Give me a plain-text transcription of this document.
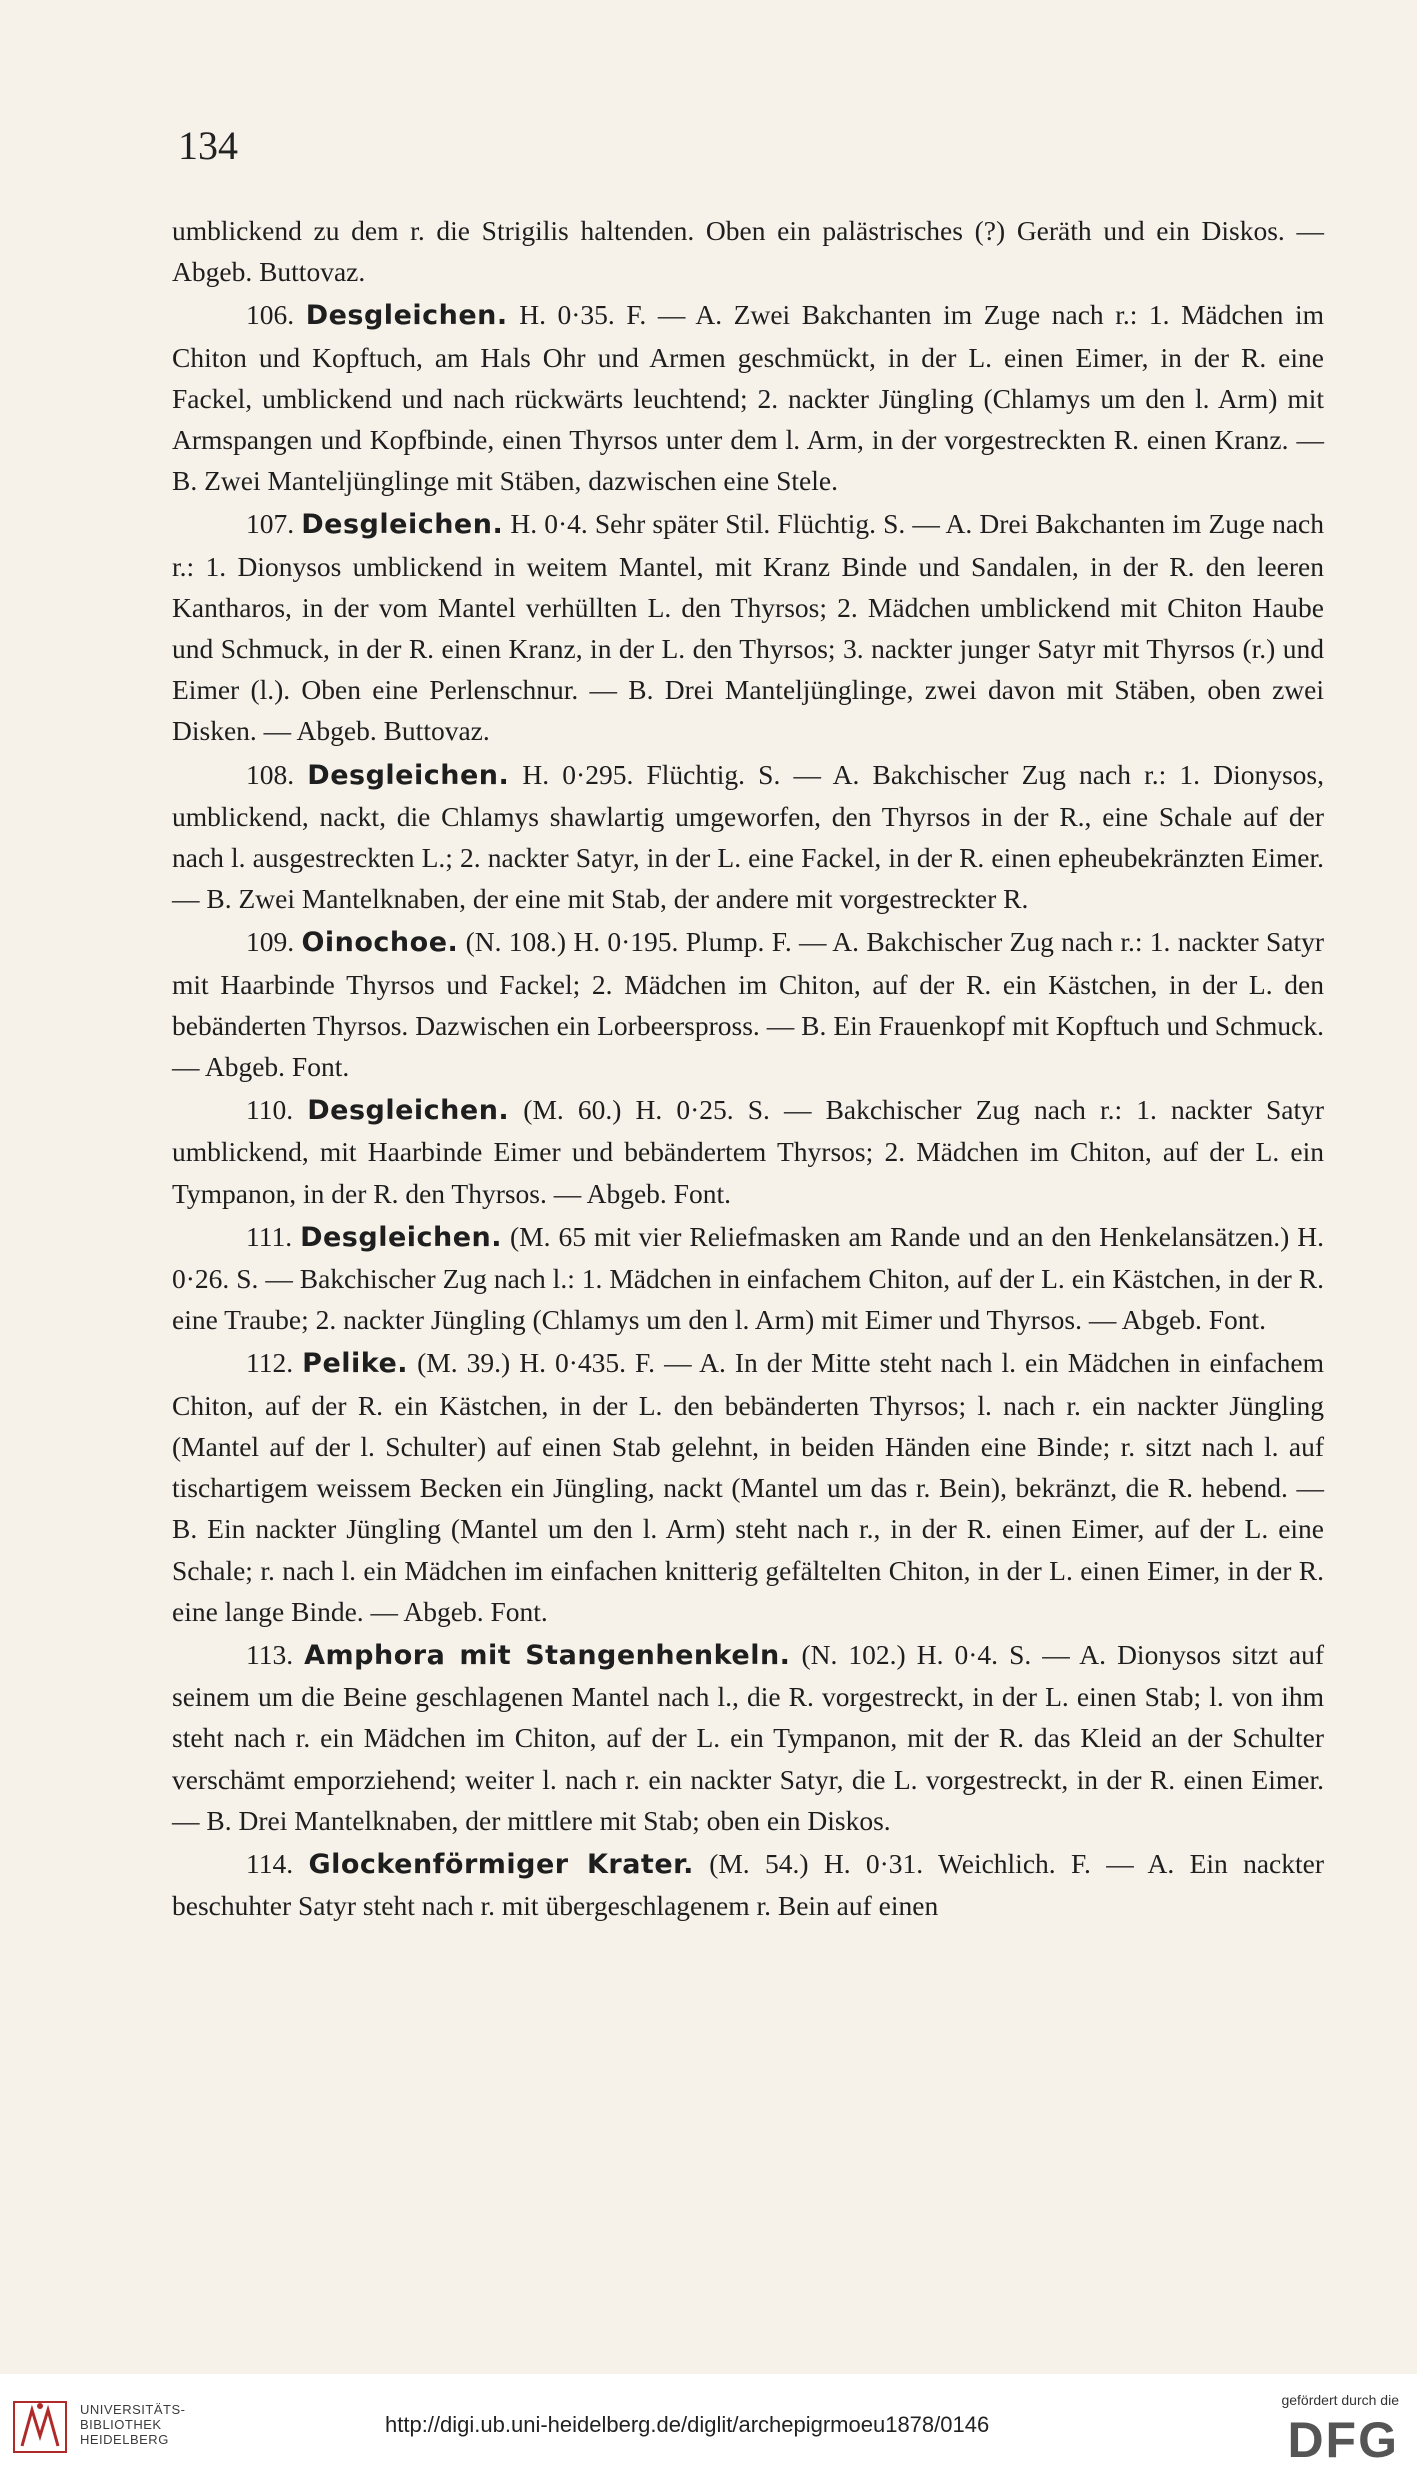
134

umblickend zu dem r. die Strigilis haltenden. Oben ein palästrisches (?) Geräth und ein Diskos. — Abgeb. Buttovaz.

106. Desgleichen. H. 0·35. F. — A. Zwei Bakchanten im Zuge nach r.: 1. Mädchen im Chiton und Kopftuch, am Hals Ohr und Armen geschmückt, in der L. einen Eimer, in der R. eine Fackel, umblickend und nach rückwärts leuchtend; 2. nackter Jüngling (Chlamys um den l. Arm) mit Armspangen und Kopfbinde, einen Thyrsos unter dem l. Arm, in der vorgestreckten R. einen Kranz. — B. Zwei Manteljünglinge mit Stäben, dazwischen eine Stele.

107. Desgleichen. H. 0·4. Sehr später Stil. Flüchtig. S. — A. Drei Bakchanten im Zuge nach r.: 1. Dionysos umblickend in weitem Mantel, mit Kranz Binde und Sandalen, in der R. den leeren Kantharos, in der vom Mantel verhüllten L. den Thyrsos; 2. Mädchen umblickend mit Chiton Haube und Schmuck, in der R. einen Kranz, in der L. den Thyrsos; 3. nackter junger Satyr mit Thyrsos (r.) und Eimer (l.). Oben eine Perlenschnur. — B. Drei Manteljünglinge, zwei davon mit Stäben, oben zwei Disken. — Abgeb. Buttovaz.

108. Desgleichen. H. 0·295. Flüchtig. S. — A. Bakchischer Zug nach r.: 1. Dionysos, umblickend, nackt, die Chlamys shawlartig umgeworfen, den Thyrsos in der R., eine Schale auf der nach l. ausgestreckten L.; 2. nackter Satyr, in der L. eine Fackel, in der R. einen epheubekränzten Eimer. — B. Zwei Mantelknaben, der eine mit Stab, der andere mit vorgestreckter R.

109. Oinochoe. (N. 108.) H. 0·195. Plump. F. — A. Bakchischer Zug nach r.: 1. nackter Satyr mit Haarbinde Thyrsos und Fackel; 2. Mädchen im Chiton, auf der R. ein Kästchen, in der L. den bebänderten Thyrsos. Dazwischen ein Lorbeerspross. — B. Ein Frauenkopf mit Kopftuch und Schmuck. — Abgeb. Font.

110. Desgleichen. (M. 60.) H. 0·25. S. — Bakchischer Zug nach r.: 1. nackter Satyr umblickend, mit Haarbinde Eimer und bebändertem Thyrsos; 2. Mädchen im Chiton, auf der L. ein Tympanon, in der R. den Thyrsos. — Abgeb. Font.

111. Desgleichen. (M. 65 mit vier Reliefmasken am Rande und an den Henkelansätzen.) H. 0·26. S. — Bakchischer Zug nach l.: 1. Mädchen in einfachem Chiton, auf der L. ein Kästchen, in der R. eine Traube; 2. nackter Jüngling (Chlamys um den l. Arm) mit Eimer und Thyrsos. — Abgeb. Font.

112. Pelike. (M. 39.) H. 0·435. F. — A. In der Mitte steht nach l. ein Mädchen in einfachem Chiton, auf der R. ein Kästchen, in der L. den bebänderten Thyrsos; l. nach r. ein nackter Jüngling (Mantel auf der l. Schulter) auf einen Stab gelehnt, in beiden Händen eine Binde; r. sitzt nach l. auf tischartigem weissem Becken ein Jüngling, nackt (Mantel um das r. Bein), bekränzt, die R. hebend. — B. Ein nackter Jüngling (Mantel um den l. Arm) steht nach r., in der R. einen Eimer, auf der L. eine Schale; r. nach l. ein Mädchen im einfachen knitterig gefältelten Chiton, in der L. einen Eimer, in der R. eine lange Binde. — Abgeb. Font.

113. Amphora mit Stangenhenkeln. (N. 102.) H. 0·4. S. — A. Dionysos sitzt auf seinem um die Beine geschlagenen Mantel nach l., die R. vorgestreckt, in der L. einen Stab; l. von ihm steht nach r. ein Mädchen im Chiton, auf der L. ein Tympanon, mit der R. das Kleid an der Schulter verschämt emporziehend; weiter l. nach r. ein nackter Satyr, die L. vorgestreckt, in der R. einen Eimer. — B. Drei Mantelknaben, der mittlere mit Stab; oben ein Diskos.

114. Glockenförmiger Krater. (M. 54.) H. 0·31. Weichlich. F. — A. Ein nackter beschuhter Satyr steht nach r. mit übergeschlagenem r. Bein auf einen

UNIVERSITÄTS-
BIBLIOTHEK
HEIDELBERG
http://digi.ub.uni-heidelberg.de/diglit/archepigrmoeu1878/0146
gefördert durch die
DFG
